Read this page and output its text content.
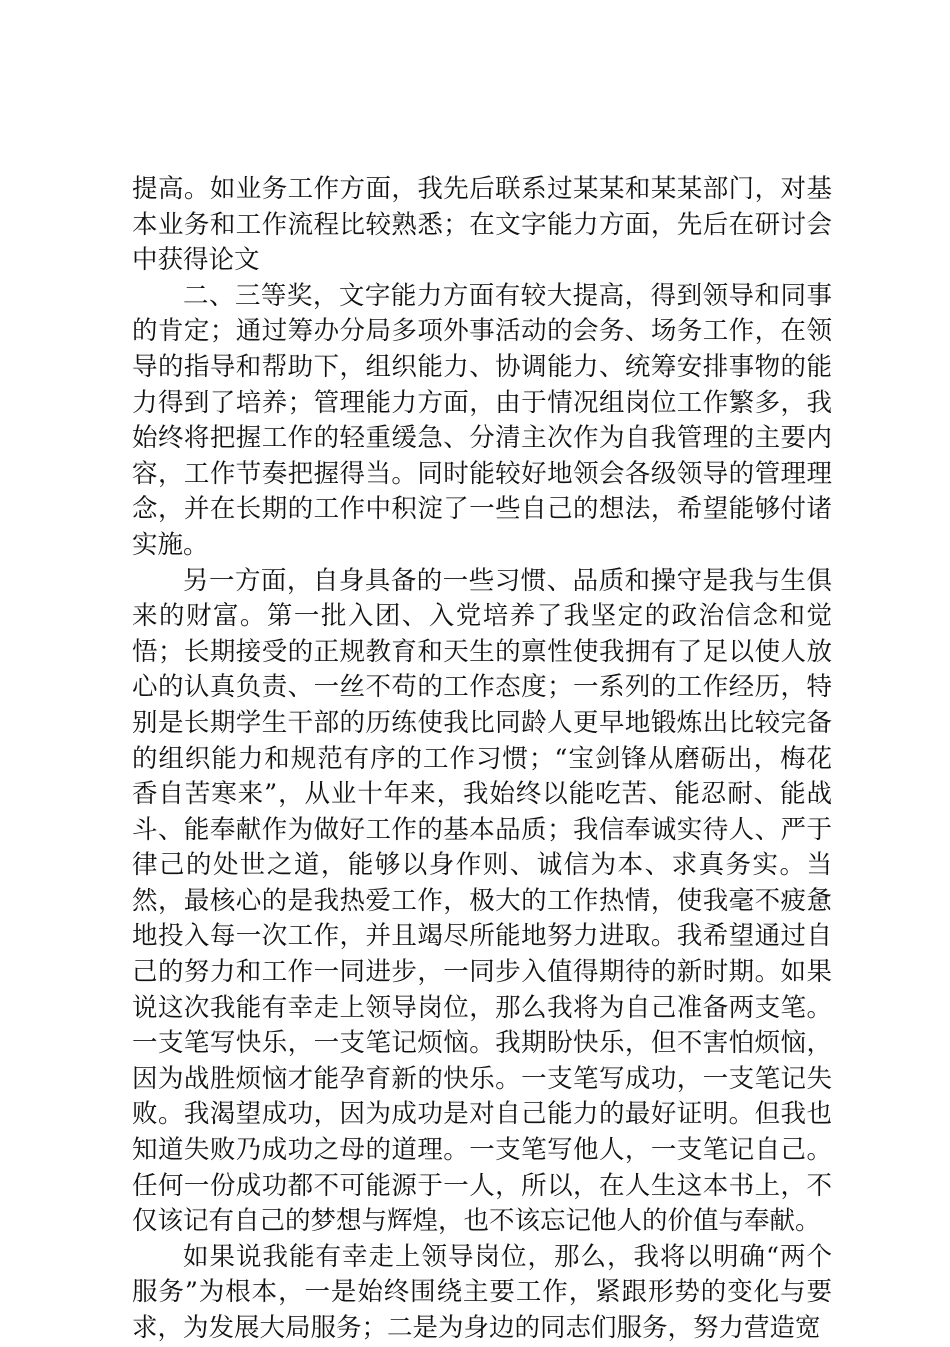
提高。如业务工作方面，我先后联系过某某和某某部门，对基本业务和工作流程比较熟悉；在文字能力方面，先后在研讨会中获得论文

二、三等奖，文字能力方面有较大提高，得到领导和同事的肯定；通过筹办分局多项外事活动的会务、场务工作，在领导的指导和帮助下，组织能力、协调能力、统筹安排事物的能力得到了培养；管理能力方面，由于情况组岗位工作繁多，我始终将把握工作的轻重缓急、分清主次作为自我管理的主要内容，工作节奏把握得当。同时能较好地领会各级领导的管理理念，并在长期的工作中积淀了一些自己的想法，希望能够付诸实施。

另一方面，自身具备的一些习惯、品质和操守是我与生俱来的财富。第一批入团、入党培养了我坚定的政治信念和觉悟；长期接受的正规教育和天生的禀性使我拥有了足以使人放心的认真负责、一丝不苟的工作态度；一系列的工作经历，特别是长期学生干部的历练使我比同龄人更早地锻炼出比较完备的组织能力和规范有序的工作习惯；“宝剑锋从磨砺出，梅花香自苦寒来”，从业十年来，我始终以能吃苦、能忍耐、能战斗、能奉献作为做好工作的基本品质；我信奉诚实待人、严于律己的处世之道，能够以身作则、诚信为本、求真务实。当然，最核心的是我热爱工作，极大的工作热情，使我毫不疲惫地投入每一次工作，并且竭尽所能地努力进取。我希望通过自己的努力和工作一同进步，一同步入值得期待的新时期。如果说这次我能有幸走上领导岗位，那么我将为自己准备两支笔。一支笔写快乐，一支笔记烦恼。我期盼快乐，但不害怕烦恼，因为战胜烦恼才能孕育新的快乐。一支笔写成功，一支笔记失败。我渴望成功，因为成功是对自己能力的最好证明。但我也知道失败乃成功之母的道理。一支笔写他人，一支笔记自己。任何一份成功都不可能源于一人，所以，在人生这本书上，不仅该记有自己的梦想与辉煌，也不该忘记他人的价值与奉献。

如果说我能有幸走上领导岗位，那么，我将以明确“两个服务”为根本，一是始终围绕主要工作，紧跟形势的变化与要求，为发展大局服务；二是为身边的同志们服务，努力营造宽
